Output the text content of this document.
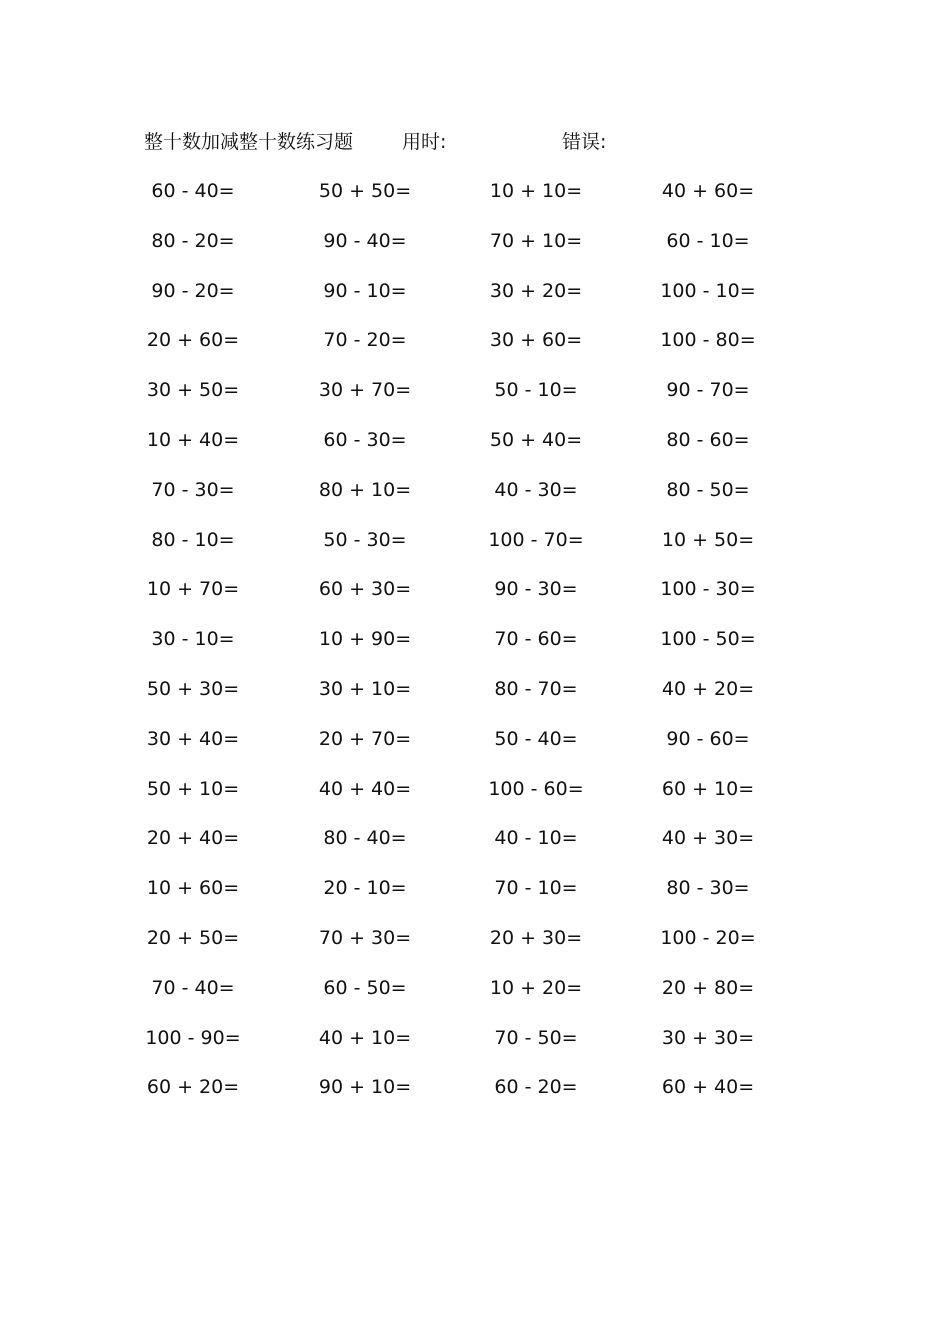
整十数加减整十数练习题	用时:	错误:
60 - 40=	50 + 50=	10 + 10=	40 + 60=
80 - 20=	90 - 40=	70 + 10=	60 - 10=
90 - 20=	90 - 10=	30 + 20=	100 - 10=
20 + 60=	70 - 20=	30 + 60=	100 - 80=
30 + 50=	30 + 70=	50 - 10=	90 - 70=
10 + 40=	60 - 30=	50 + 40=	80 - 60=
70 - 30=	80 + 10=	40 - 30=	80 - 50=
80 - 10=	50 - 30=	100 - 70=	10 + 50=
10 + 70=	60 + 30=	90 - 30=	100 - 30=
30 - 10=	10 + 90=	70 - 60=	100 - 50=
50 + 30=	30 + 10=	80 - 70=	40 + 20=
30 + 40=	20 + 70=	50 - 40=	90 - 60=
50 + 10=	40 + 40=	100 - 60=	60 + 10=
20 + 40=	80 - 40=	40 - 10=	40 + 30=
10 + 60=	20 - 10=	70 - 10=	80 - 30=
20 + 50=	70 + 30=	20 + 30=	100 - 20=
70 - 40=	60 - 50=	10 + 20=	20 + 80=
100 - 90=	40 + 10=	70 - 50=	30 + 30=
60 + 20=	90 + 10=	60 - 20=	60 + 40=
